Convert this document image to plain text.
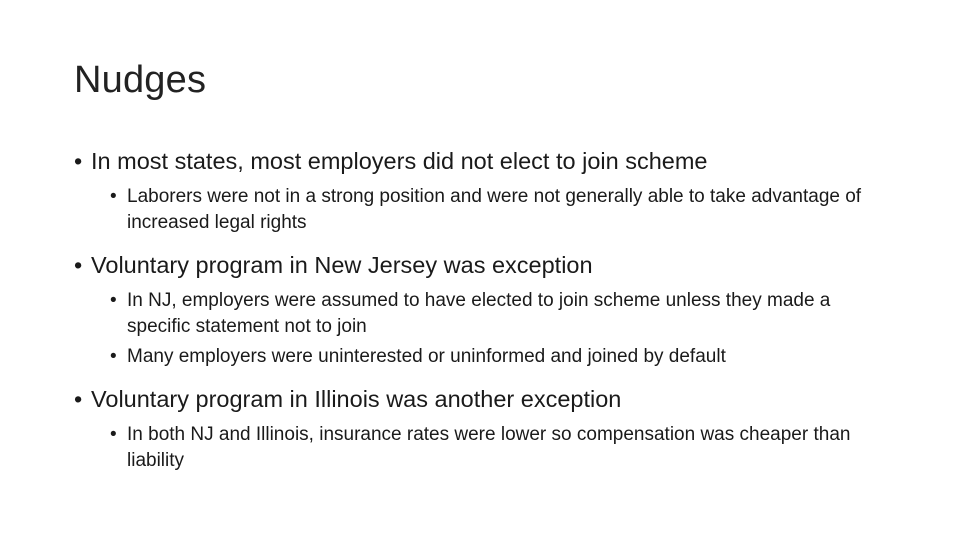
Nudges
• In most states, most employers did not elect to join scheme
• Laborers were not in a strong position and were not generally able to take advantage of increased legal rights
• Voluntary program in New Jersey was exception
• In NJ, employers were assumed to have elected to join scheme unless they made a specific statement not to join
• Many employers were uninterested or uninformed and joined by default
• Voluntary program in Illinois was another exception
• In both NJ and Illinois, insurance rates were lower so compensation was cheaper than liability
